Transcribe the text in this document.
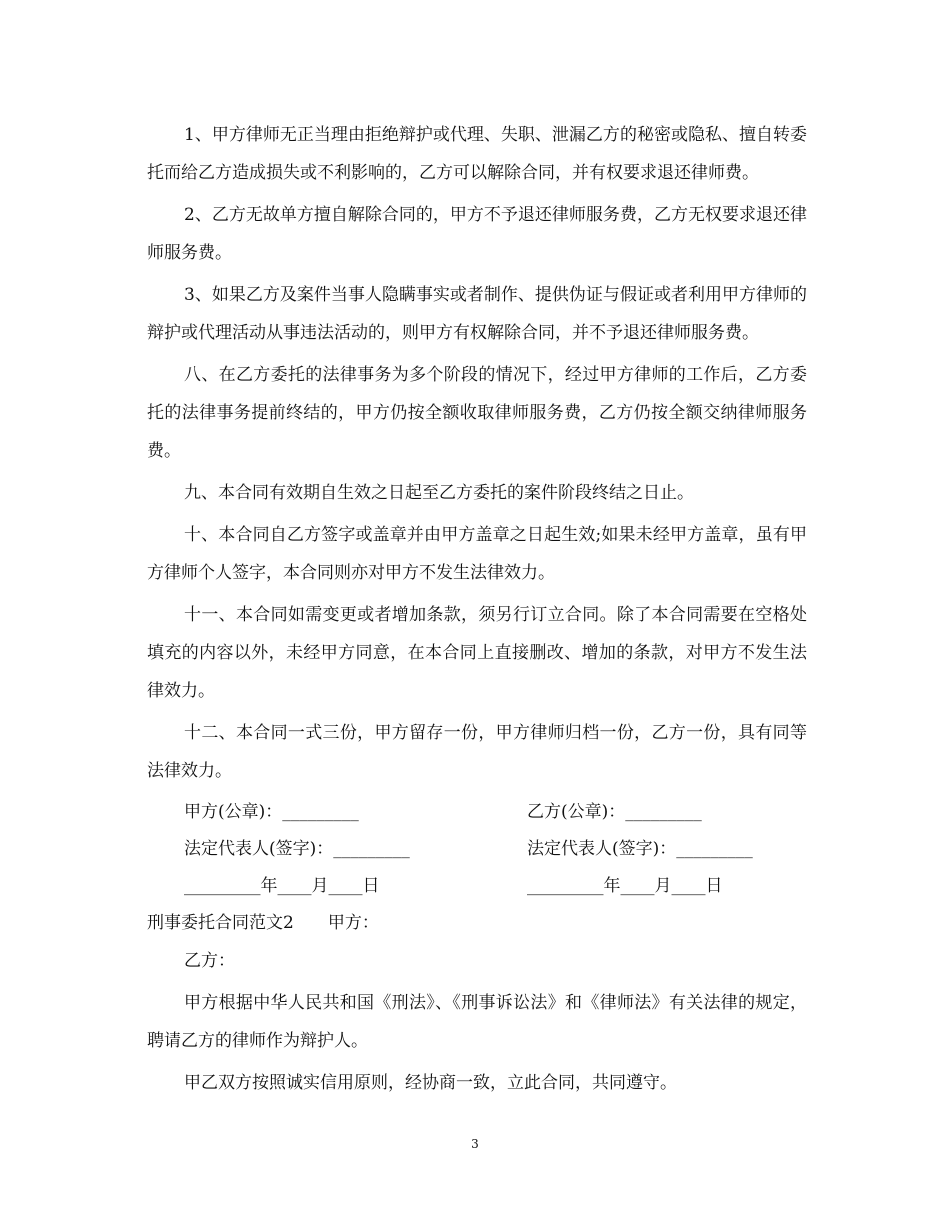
1、甲方律师无正当理由拒绝辩护或代理、失职、泄漏乙方的秘密或隐私、擅自转委托而给乙方造成损失或不利影响的，乙方可以解除合同，并有权要求退还律师费。

2、乙方无故单方擅自解除合同的，甲方不予退还律师服务费，乙方无权要求退还律师服务费。

3、如果乙方及案件当事人隐瞒事实或者制作、提供伪证与假证或者利用甲方律师的辩护或代理活动从事违法活动的，则甲方有权解除合同，并不予退还律师服务费。

八、在乙方委托的法律事务为多个阶段的情况下，经过甲方律师的工作后，乙方委托的法律事务提前终结的，甲方仍按全额收取律师服务费，乙方仍按全额交纳律师服务费。

九、本合同有效期自生效之日起至乙方委托的案件阶段终结之日止。

十、本合同自乙方签字或盖章并由甲方盖章之日起生效;如果未经甲方盖章，虽有甲方律师个人签字，本合同则亦对甲方不发生法律效力。

十一、本合同如需变更或者增加条款，须另行订立合同。除了本合同需要在空格处填充的内容以外，未经甲方同意，在本合同上直接删改、增加的条款，对甲方不发生法律效力。

十二、本合同一式三份，甲方留存一份，甲方律师归档一份，乙方一份，具有同等法律效力。

甲方(公章)：_________	乙方(公章)：_________
法定代表人(签字)：_________	法定代表人(签字)：_________
_________年____月____日	_________年____月____日
刑事委托合同范文2　　甲方：

乙方：

甲方根据中华人民共和国《刑法》、《刑事诉讼法》和《律师法》有关法律的规定，聘请乙方的律师作为辩护人。

甲乙双方按照诚实信用原则，经协商一致，立此合同，共同遵守。

3
